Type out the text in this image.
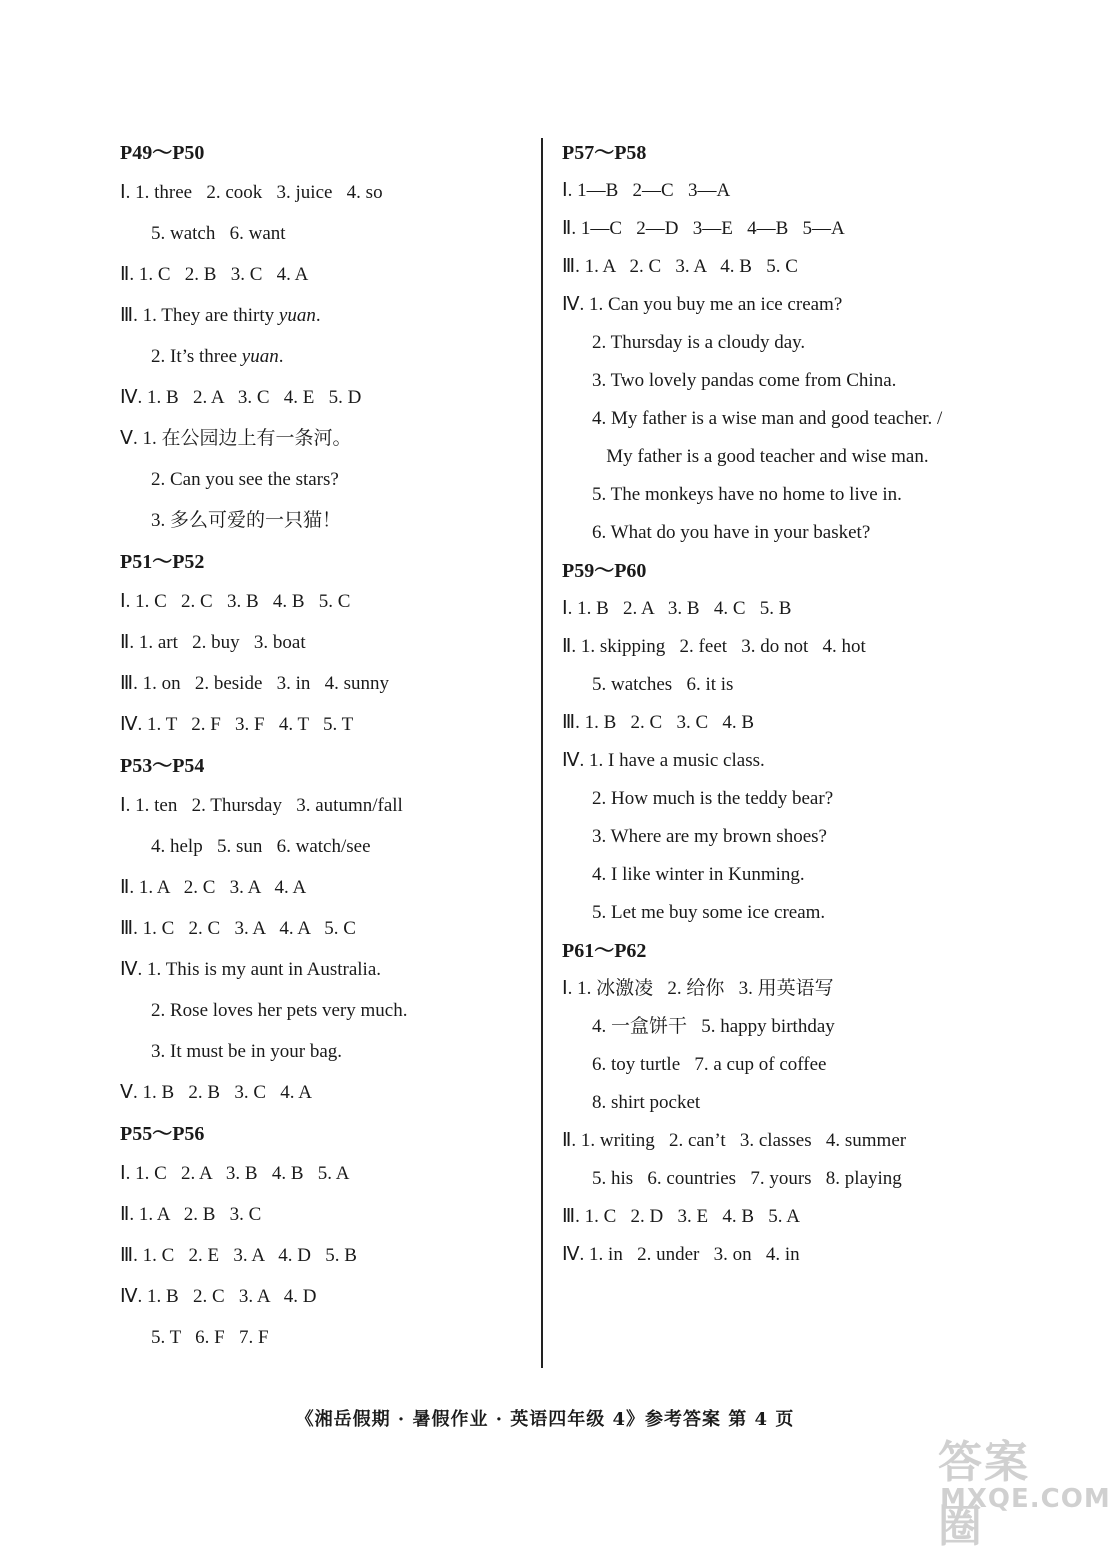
P49～P50
Ⅰ. 1. three   2. cook   3. juice   4. so
5. watch   6. want
Ⅱ. 1. C   2. B   3. C   4. A
Ⅲ. 1. They are thirty yuan.
2. It’s three yuan.
Ⅳ. 1. B   2. A   3. C   4. E   5. D
Ⅴ. 1. 在公园边上有一条河。
2. Can you see the stars?
3. 多么可爱的一只猫！
P51～P52
Ⅰ. 1. C   2. C   3. B   4. B   5. C
Ⅱ. 1. art   2. buy   3. boat
Ⅲ. 1. on   2. beside   3. in   4. sunny
Ⅳ. 1. T   2. F   3. F   4. T   5. T
P53～P54
Ⅰ. 1. ten   2. Thursday   3. autumn/fall
4. help   5. sun   6. watch/see
Ⅱ. 1. A   2. C   3. A   4. A
Ⅲ. 1. C   2. C   3. A   4. A   5. C
Ⅳ. 1. This is my aunt in Australia.
2. Rose loves her pets very much.
3. It must be in your bag.
Ⅴ. 1. B   2. B   3. C   4. A
P55～P56
Ⅰ. 1. C   2. A   3. B   4. B   5. A
Ⅱ. 1. A   2. B   3. C
Ⅲ. 1. C   2. E   3. A   4. D   5. B
Ⅳ. 1. B   2. C   3. A   4. D
5. T   6. F   7. F
P57～P58
Ⅰ. 1—B   2—C   3—A
Ⅱ. 1—C   2—D   3—E   4—B   5—A
Ⅲ. 1. A   2. C   3. A   4. B   5. C
Ⅳ. 1. Can you buy me an ice cream?
2. Thursday is a cloudy day.
3. Two lovely pandas come from China.
4. My father is a wise man and good teacher. /
My father is a good teacher and wise man.
5. The monkeys have no home to live in.
6. What do you have in your basket?
P59～P60
Ⅰ. 1. B   2. A   3. B   4. C   5. B
Ⅱ. 1. skipping   2. feet   3. do not   4. hot
5. watches   6. it is
Ⅲ. 1. B   2. C   3. C   4. B
Ⅳ. 1. I have a music class.
2. How much is the teddy bear?
3. Where are my brown shoes?
4. I like winter in Kunming.
5. Let me buy some ice cream.
P61～P62
Ⅰ. 1. 冰激凌   2. 给你   3. 用英语写
4. 一盒饼干   5. happy birthday
6. toy turtle   7. a cup of coffee
8. shirt pocket
Ⅱ. 1. writing   2. can’t   3. classes   4. summer
5. his   6. countries   7. yours   8. playing
Ⅲ. 1. C   2. D   3. E   4. B   5. A
Ⅳ. 1. in   2. under   3. on   4. in
《湘岳假期 · 暑假作业 · 英语四年级 4》参考答案 第 4 页
答案圈
MXQE.COM
